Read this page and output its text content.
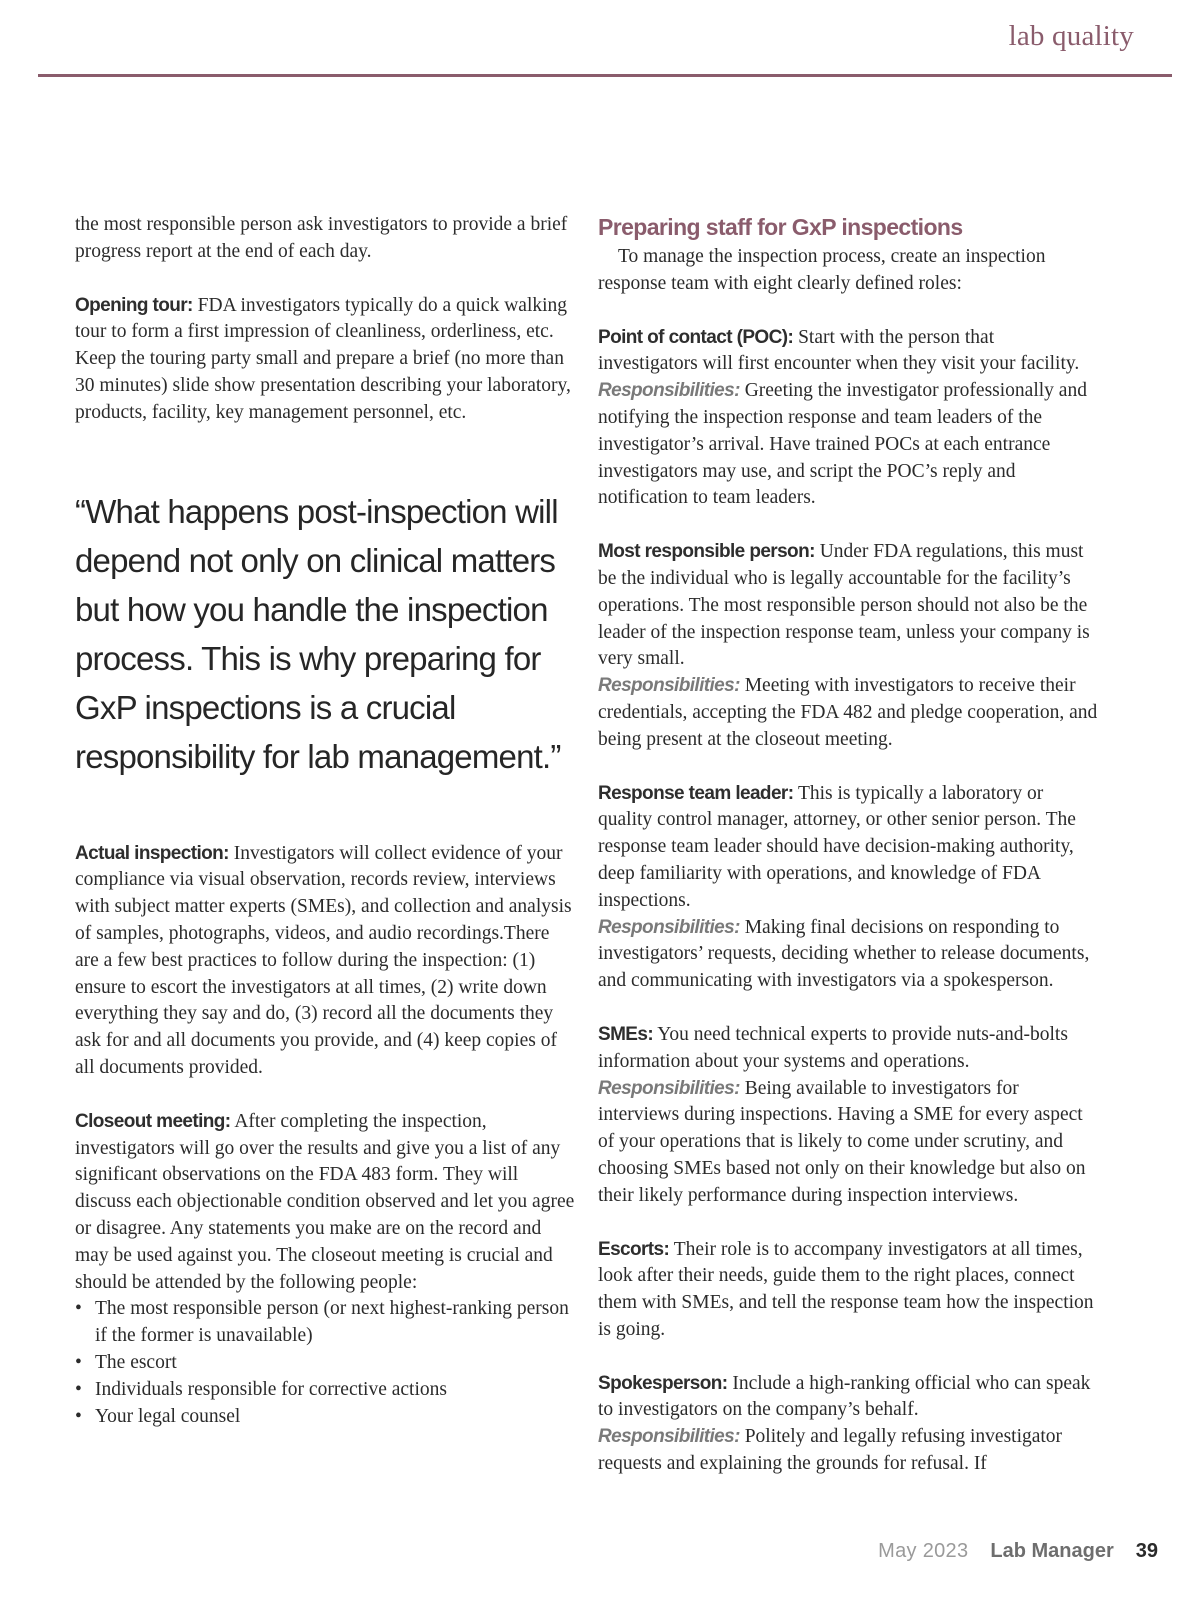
lab quality

the most responsible person ask investigators to provide a brief progress report at the end of each day.

Opening tour: FDA investigators typically do a quick walking tour to form a first impression of cleanliness, orderliness, etc. Keep the touring party small and prepare a brief (no more than 30 minutes) slide show presentation describing your laboratory, products, facility, key management personnel, etc.

“What happens post-inspection will depend not only on clinical matters but how you handle the inspection process. This is why preparing for GxP inspections is a crucial responsibility for lab management.”

Actual inspection: Investigators will collect evidence of your compliance via visual observation, records review, interviews with subject matter experts (SMEs), and collection and analysis of samples, photographs, videos, and audio recordings.There are a few best practices to follow during the inspection: (1) ensure to escort the investigators at all times, (2) write down everything they say and do, (3) record all the documents they ask for and all documents you provide, and (4) keep copies of all documents provided.

Closeout meeting: After completing the inspection, investigators will go over the results and give you a list of any significant observations on the FDA 483 form. They will discuss each objectionable condition observed and let you agree or disagree. Any statements you make are on the record and may be used against you. The closeout meeting is crucial and should be attended by the following people:

• The most responsible person (or next highest-ranking person if the former is unavailable)
• The escort
• Individuals responsible for corrective actions
• Your legal counsel
Preparing staff for GxP inspections

To manage the inspection process, create an inspection response team with eight clearly defined roles:

Point of contact (POC): Start with the person that investigators will first encounter when they visit your facility.

Responsibilities: Greeting the investigator professionally and notifying the inspection response and team leaders of the investigator’s arrival. Have trained POCs at each entrance investigators may use, and script the POC’s reply and notification to team leaders.

Most responsible person: Under FDA regulations, this must be the individual who is legally accountable for the facility’s operations. The most responsible person should not also be the leader of the inspection response team, unless your company is very small.

Responsibilities: Meeting with investigators to receive their credentials, accepting the FDA 482 and pledge cooperation, and being present at the closeout meeting.

Response team leader: This is typically a laboratory or quality control manager, attorney, or other senior person. The response team leader should have decision-making authority, deep familiarity with operations, and knowledge of FDA inspections.

Responsibilities: Making final decisions on responding to investigators’ requests, deciding whether to release documents, and communicating with investigators via a spokesperson.

SMEs: You need technical experts to provide nuts-and-bolts information about your systems and operations.

Responsibilities: Being available to investigators for interviews during inspections. Having a SME for every aspect of your operations that is likely to come under scrutiny, and choosing SMEs based not only on their knowledge but also on their likely performance during inspection interviews.

Escorts: Their role is to accompany investigators at all times, look after their needs, guide them to the right places, connect them with SMEs, and tell the response team how the inspection is going.

Spokesperson: Include a high-ranking official who can speak to investigators on the company’s behalf.

Responsibilities: Politely and legally refusing investigator requests and explaining the grounds for refusal. If

May 2023 Lab Manager 39
